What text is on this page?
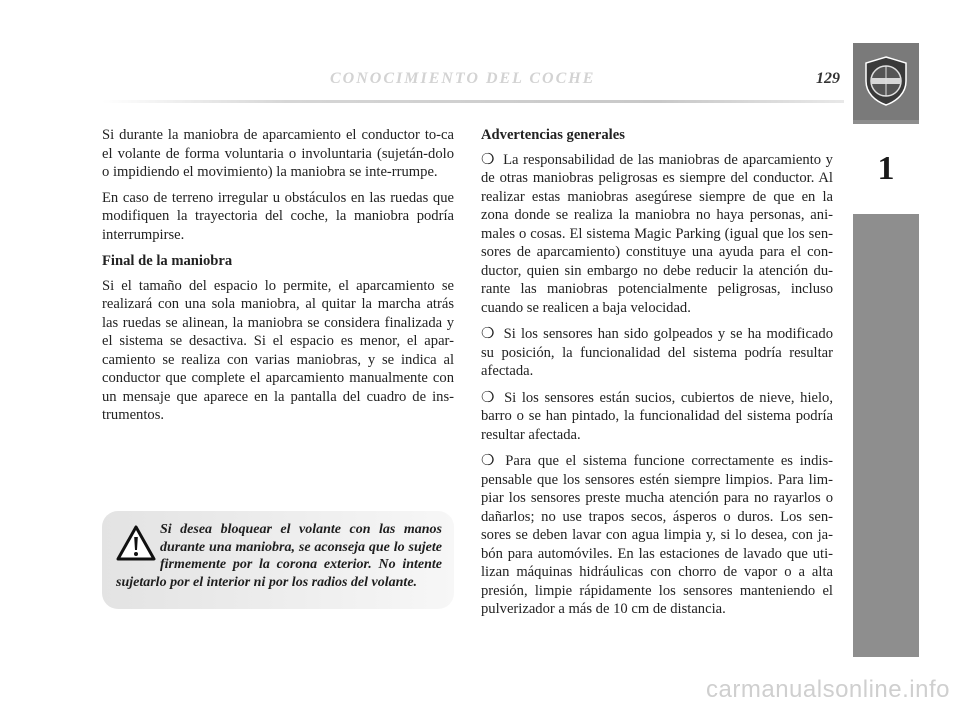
CONOCIMIENTO DEL COCHE	129
1

Si durante la maniobra de aparcamiento el conductor to-ca el volante de forma voluntaria o involuntaria (sujetán-dolo o impidiendo el movimiento) la maniobra se inte-rrumpe.

En caso de terreno irregular u obstáculos en las ruedas que modifiquen la trayectoria del coche, la maniobra podría interrumpirse.

Final de la maniobra

Si el tamaño del espacio lo permite, el aparcamiento se realizará con una sola maniobra, al quitar la marcha atrás las ruedas se alinean, la maniobra se considera finalizada y el sistema se desactiva. Si el espacio es menor, el apar-camiento se realiza con varias maniobras, y se indica al conductor que complete el aparcamiento manualmente con un mensaje que aparece en la pantalla del cuadro de ins-trumentos.

Advertencias generales

❍ La responsabilidad de las maniobras de aparcamiento y de otras maniobras peligrosas es siempre del conductor. Al realizar estas maniobras asegúrese siempre de que en la zona donde se realiza la maniobra no haya personas, ani-males o cosas. El sistema Magic Parking (igual que los sen-sores de aparcamiento) constituye una ayuda para el con-ductor, quien sin embargo no debe reducir la atención du-rante las maniobras potencialmente peligrosas, incluso cuando se realicen a baja velocidad.

❍ Si los sensores han sido golpeados y se ha modificado su posición, la funcionalidad del sistema podría resultar afectada.

❍ Si los sensores están sucios, cubiertos de nieve, hielo, barro o se han pintado, la funcionalidad del sistema podría resultar afectada.

❍ Para que el sistema funcione correctamente es indis-pensable que los sensores estén siempre limpios. Para lim-piar los sensores preste mucha atención para no rayarlos o dañarlos; no use trapos secos, ásperos o duros. Los sen-sores se deben lavar con agua limpia y, si lo desea, con ja-bón para automóviles. En las estaciones de lavado que uti-lizan máquinas hidráulicas con chorro de vapor o a alta presión, limpie rápidamente los sensores manteniendo el pulverizador a más de 10 cm de distancia.

Si desea bloquear el volante con las manos durante una maniobra, se aconseja que lo sujete firmemente por la corona exterior. No intente sujetarlo por el interior ni por los radios del volante.
carmanualsonline.info
